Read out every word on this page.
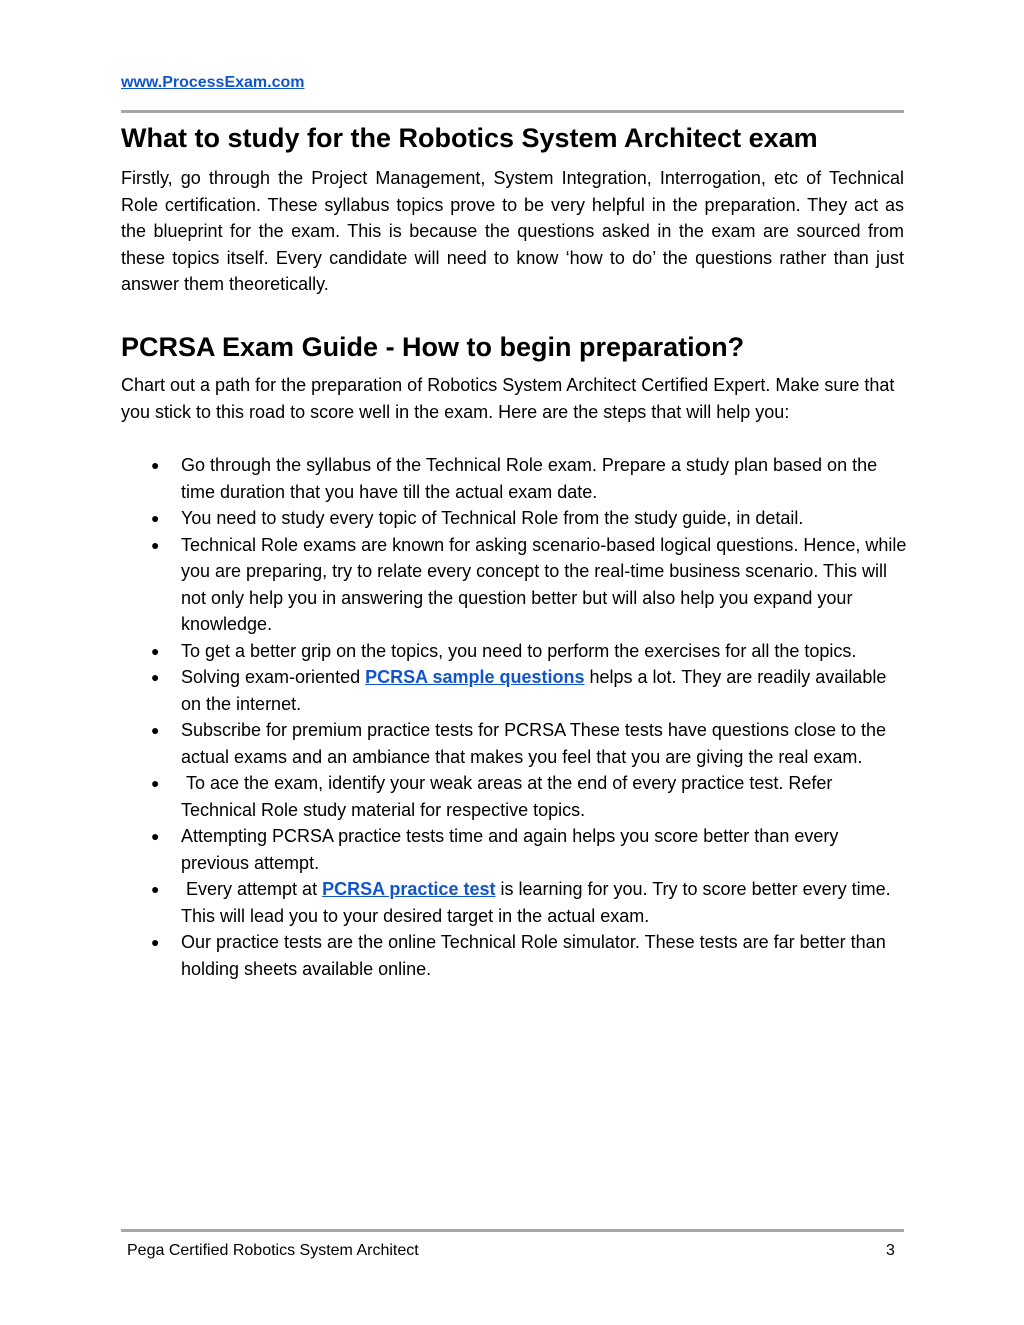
www.ProcessExam.com
What to study for the Robotics System Architect exam

Firstly, go through the Project Management, System Integration, Interrogation, etc of Technical Role certification. These syllabus topics prove to be very helpful in the preparation. They act as the blueprint for the exam. This is because the questions asked in the exam are sourced from these topics itself. Every candidate will need to know ‘how to do’ the questions rather than just answer them theoretically.

PCRSA Exam Guide - How to begin preparation?

Chart out a path for the preparation of Robotics System Architect Certified Expert. Make sure that you stick to this road to score well in the exam. Here are the steps that will help you:

● Go through the syllabus of the Technical Role exam. Prepare a study plan based on the time duration that you have till the actual exam date.
● You need to study every topic of Technical Role from the study guide, in detail.
● Technical Role exams are known for asking scenario-based logical questions. Hence, while you are preparing, try to relate every concept to the real-time business scenario. This will not only help you in answering the question better but will also help you expand your knowledge.
● To get a better grip on the topics, you need to perform the exercises for all the topics.
● Solving exam-oriented PCRSA sample questions helps a lot. They are readily available on the internet.
● Subscribe for premium practice tests for PCRSA These tests have questions close to the actual exams and an ambiance that makes you feel that you are giving the real exam.
● To ace the exam, identify your weak areas at the end of every practice test. Refer Technical Role study material for respective topics.
● Attempting PCRSA practice tests time and again helps you score better than every previous attempt.
● Every attempt at PCRSA practice test is learning for you. Try to score better every time. This will lead you to your desired target in the actual exam.
● Our practice tests are the online Technical Role simulator. These tests are far better than holding sheets available online.
Pega Certified Robotics System Architect	3
